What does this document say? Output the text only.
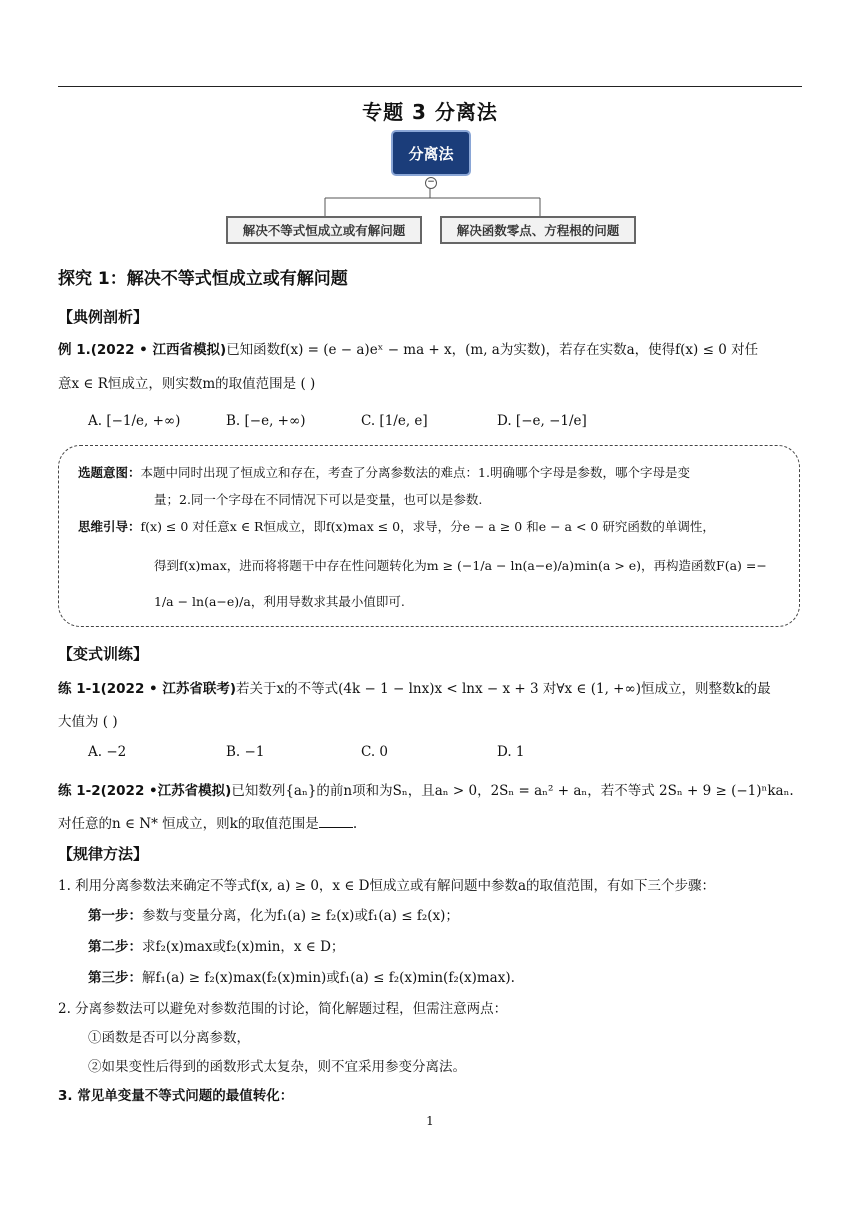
专题 3 分离法
分离法
−
解决不等式恒成立或有解问题	解决函数零点、方程根的问题
探究 1：解决不等式恒成立或有解问题
【典例剖析】
例 1.(2022 • 江西省模拟)已知函数f(x) = (e − a)eˣ − ma + x，(m, a为实数)，若存在实数a，使得f(x) ≤ 0 对任
意x ∈ R恒成立，则实数m的取值范围是 ( )
A. [−1/e, +∞)	B. [−e, +∞)	C. [1/e, e]	D. [−e, −1/e]
选题意图：本题中同时出现了恒成立和存在，考查了分离参数法的难点：1.明确哪个字母是参数，哪个字母是变
量；2.同一个字母在不同情况下可以是变量，也可以是参数.
思维引导：f(x) ≤ 0 对任意x ∈ R恒成立，即f(x)max ≤ 0，求导，分e − a ≥ 0 和e − a < 0 研究函数的单调性，
得到f(x)max，进而将将题干中存在性问题转化为m ≥ (−1/a − ln(a−e)/a)min(a > e)，再构造函数F(a) =−
1/a − ln(a−e)/a，利用导数求其最小值即可.
【变式训练】
练 1-1(2022 • 江苏省联考)若关于x的不等式(4k − 1 − lnx)x < lnx − x + 3 对∀x ∈ (1, +∞)恒成立，则整数k的最
大值为 ( )
A. −2	B. −1	C. 0	D. 1
练 1-2(2022 •江苏省模拟)已知数列{aₙ}的前n项和为Sₙ，且aₙ > 0，2Sₙ = aₙ² + aₙ，若不等式 2Sₙ + 9 ≥ (−1)ⁿkaₙ.
对任意的n ∈ N* 恒成立，则k的取值范围是	.
【规律方法】
1. 利用分离参数法来确定不等式f(x, a) ≥ 0，x ∈ D恒成立或有解问题中参数a的取值范围，有如下三个步骤：
第一步：参数与变量分离，化为f₁(a) ≥ f₂(x)或f₁(a) ≤ f₂(x)；
第二步：求f₂(x)max或f₂(x)min，x ∈ D；
第三步：解f₁(a) ≥ f₂(x)max(f₂(x)min)或f₁(a) ≤ f₂(x)min(f₂(x)max).
2. 分离参数法可以避免对参数范围的讨论，简化解题过程，但需注意两点：
①函数是否可以分离参数，
②如果变性后得到的函数形式太复杂，则不宜采用参变分离法。
3. 常见单变量不等式问题的最值转化：
1
